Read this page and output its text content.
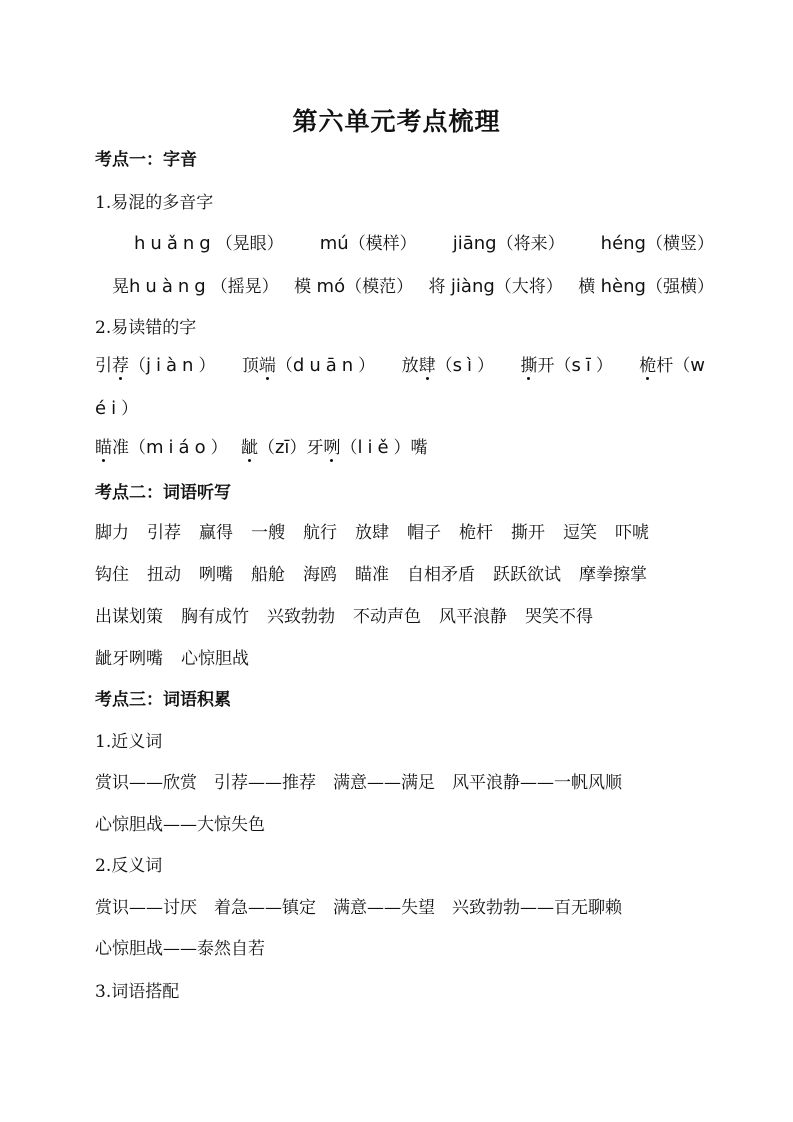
第六单元考点梳理
考点一：字音
1.易混的多音字
huǎng（晃眼） mú（模样） jiāng（将来） héng（横竖）
晃huàng（摇晃） 模 mó（模范） 将 jiàng（大将） 横 hèng（强横）
2.易读错的字
引荐（jiàn） 顶端（duān） 放肆（sì） 撕开（sī） 桅杆（w
éi）
瞄准（miáo） 龇（zī）牙咧（liě）嘴
考点二：词语听写
脚力 引荐 赢得 一艘 航行 放肆 帽子 桅杆 撕开 逗笑 吓唬
钩住 扭动 咧嘴 船舱 海鸥 瞄准 自相矛盾 跃跃欲试 摩拳擦掌
出谋划策 胸有成竹 兴致勃勃 不动声色 风平浪静 哭笑不得
龇牙咧嘴 心惊胆战
考点三：词语积累
1.近义词
赏识——欣赏　引荐——推荐　满意——满足　风平浪静——一帆风顺
心惊胆战——大惊失色
2.反义词
赏识——讨厌　着急——镇定　满意——失望　兴致勃勃——百无聊赖
心惊胆战——泰然自若
3.词语搭配
